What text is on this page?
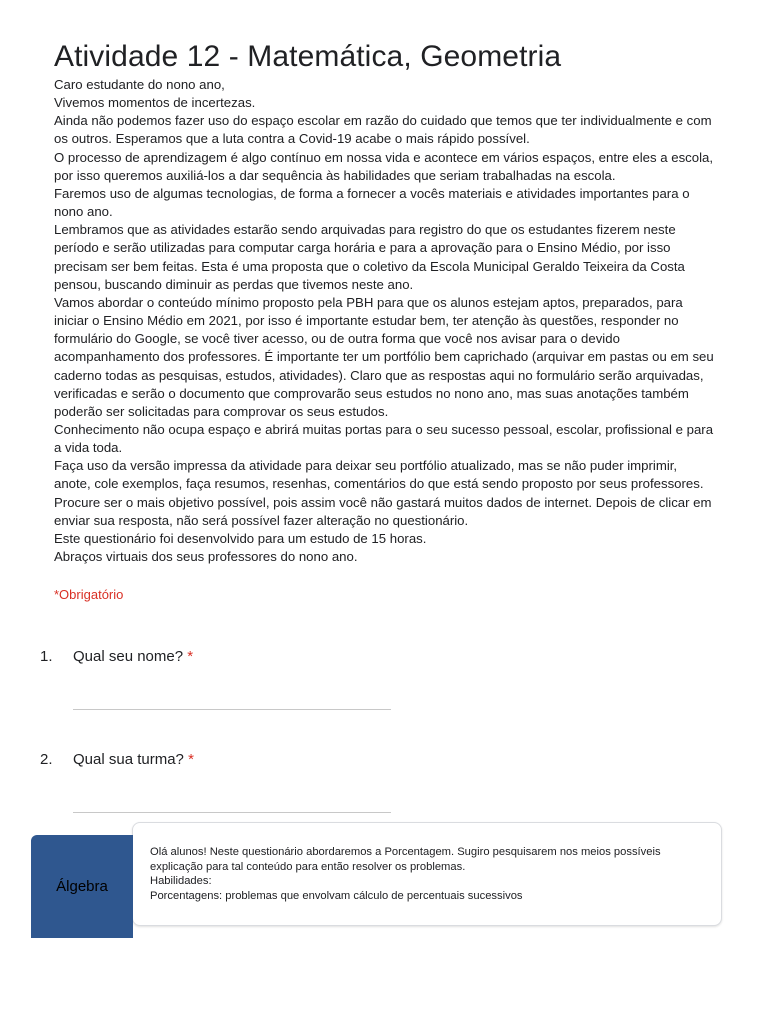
Atividade 12 - Matemática, Geometria

Caro estudante do nono ano,

Vivemos momentos de incertezas.

Ainda não podemos fazer uso do espaço escolar em razão do cuidado que temos que ter individualmente e com os outros. Esperamos que a luta contra a Covid-19 acabe o mais rápido possível.

O processo de aprendizagem é algo contínuo em nossa vida e acontece em vários espaços, entre eles a escola, por isso queremos auxiliá-los a dar sequência às habilidades que seriam trabalhadas na escola.

Faremos uso de algumas tecnologias, de forma a fornecer a vocês materiais e atividades importantes para o nono ano.

Lembramos que as atividades estarão sendo arquivadas para registro do que os estudantes fizerem neste período e serão utilizadas para computar carga horária e para a aprovação para o Ensino Médio, por isso precisam ser bem feitas. Esta é uma proposta que o coletivo da Escola Municipal Geraldo Teixeira da Costa pensou, buscando diminuir as perdas que tivemos neste ano.

Vamos abordar o conteúdo mínimo proposto pela PBH para que os alunos estejam aptos, preparados, para iniciar o Ensino Médio em 2021, por isso é importante estudar bem, ter atenção às questões, responder no formulário do Google, se você tiver acesso, ou de outra forma que você nos avisar para o devido acompanhamento dos professores. É importante ter um portfólio bem caprichado (arquivar em pastas ou em seu caderno todas as pesquisas, estudos, atividades). Claro que as respostas aqui no formulário serão arquivadas, verificadas e serão o documento que comprovarão seus estudos no nono ano, mas suas anotações também poderão ser solicitadas para comprovar os seus estudos.

Conhecimento não ocupa espaço e abrirá muitas portas para o seu sucesso pessoal, escolar, profissional e para a vida toda.

Faça uso da versão impressa da atividade para deixar seu portfólio atualizado, mas se não puder imprimir, anote, cole exemplos, faça resumos, resenhas, comentários do que está sendo proposto por seus professores. Procure ser o mais objetivo possível, pois assim você não gastará muitos dados de internet. Depois de clicar em enviar sua resposta, não será possível fazer alteração no questionário.

Este questionário foi desenvolvido para um estudo de 15 horas.

Abraços virtuais dos seus professores do nono ano.

*Obrigatório
1. Qual seu nome? *
2. Qual sua turma? *
Álgebra

Olá alunos! Neste questionário abordaremos a Porcentagem. Sugiro pesquisarem nos meios possíveis explicação para tal conteúdo para então resolver os problemas.

Habilidades:

Porcentagens: problemas que envolvam cálculo de percentuais sucessivos
